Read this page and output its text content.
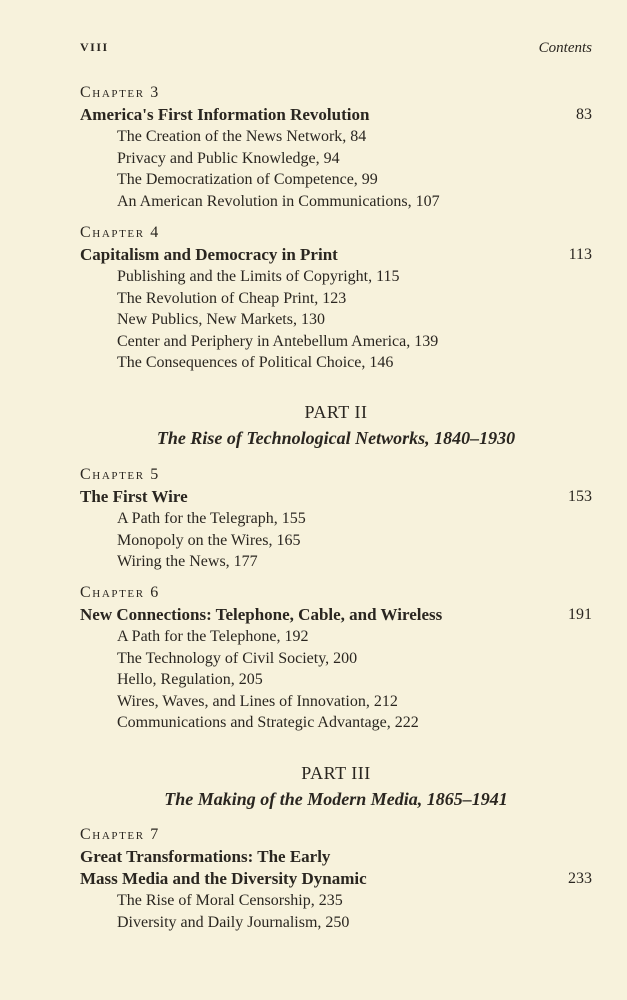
VIII	Contents
Chapter 3
America's First Information Revolution	83
The Creation of the News Network, 84
Privacy and Public Knowledge, 94
The Democratization of Competence, 99
An American Revolution in Communications, 107
Chapter 4
Capitalism and Democracy in Print	113
Publishing and the Limits of Copyright, 115
The Revolution of Cheap Print, 123
New Publics, New Markets, 130
Center and Periphery in Antebellum America, 139
The Consequences of Political Choice, 146
PART II
The Rise of Technological Networks, 1840–1930
Chapter 5
The First Wire	153
A Path for the Telegraph, 155
Monopoly on the Wires, 165
Wiring the News, 177
Chapter 6
New Connections: Telephone, Cable, and Wireless	191
A Path for the Telephone, 192
The Technology of Civil Society, 200
Hello, Regulation, 205
Wires, Waves, and Lines of Innovation, 212
Communications and Strategic Advantage, 222
PART III
The Making of the Modern Media, 1865–1941
Chapter 7
Great Transformations: The Early
Mass Media and the Diversity Dynamic	233
The Rise of Moral Censorship, 235
Diversity and Daily Journalism, 250
